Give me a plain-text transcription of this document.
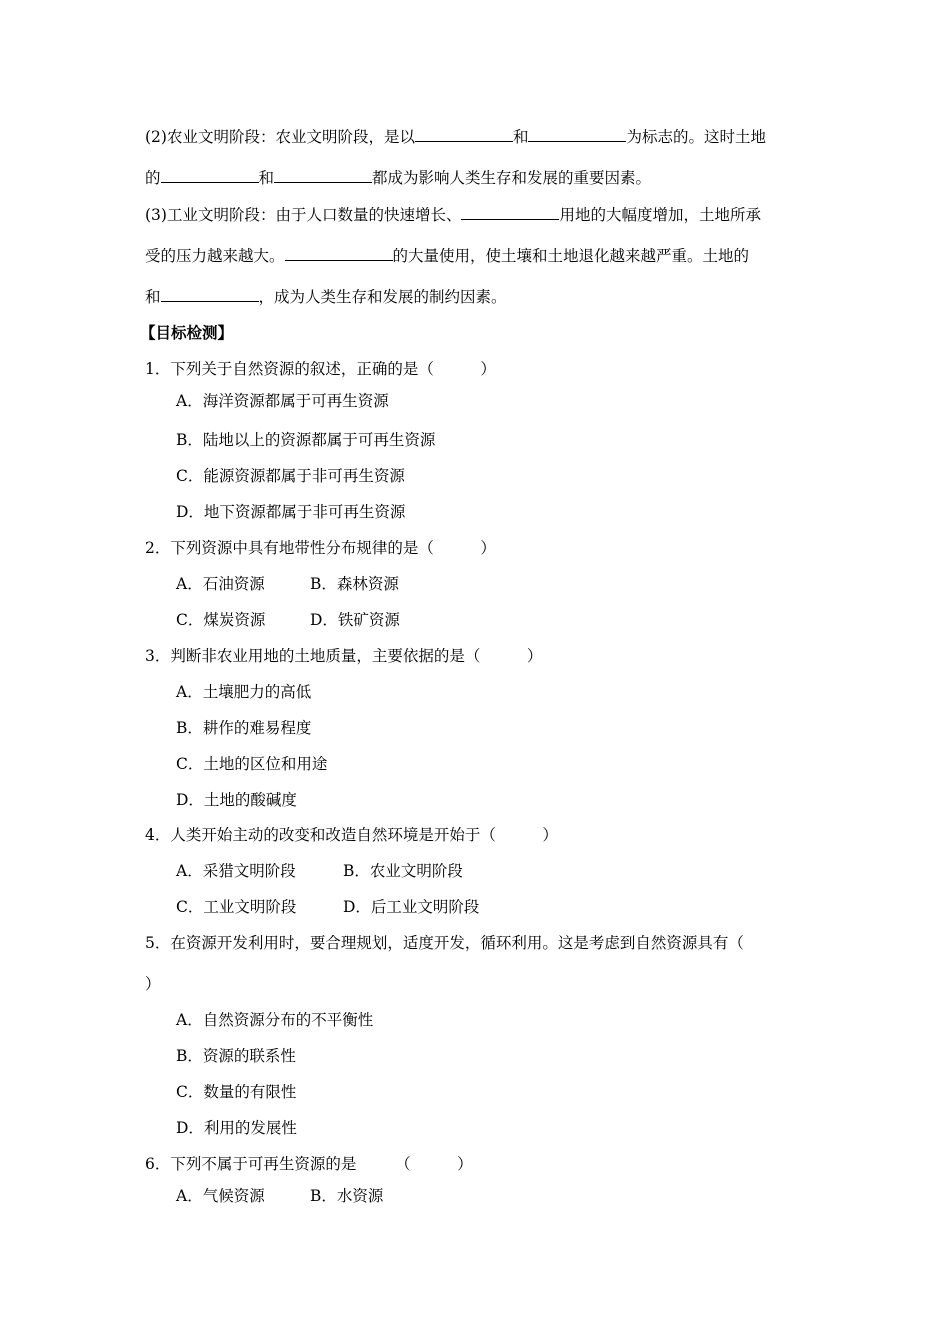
(2)农业文明阶段：农业文明阶段，是以	和	为标志的。这时土地
的	和	都成为影响人类生存和发展的重要因素。
(3)工业文明阶段：由于人口数量的快速增长、	用地的大幅度增加，土地所承
受的压力越来越大。	的大量使用，使土壤和土地退化越来越严重。土地的
和	，成为人类生存和发展的制约因素。
【目标检测】
1．下列关于自然资源的叙述，正确的是（　　　）
A．海洋资源都属于可再生资源
B．陆地以上的资源都属于可再生资源
C．能源资源都属于非可再生资源
D．地下资源都属于非可再生资源
2．下列资源中具有地带性分布规律的是（　　　）
A．石油资源	B．森林资源
C．煤炭资源	D．铁矿资源
3．判断非农业用地的土地质量，主要依据的是（　　　）
A．土壤肥力的高低
B．耕作的难易程度
C．土地的区位和用途
D．土地的酸碱度
4．人类开始主动的改变和改造自然环境是开始于（　　　）
A．采猎文明阶段	B．农业文明阶段
C．工业文明阶段	D．后工业文明阶段
5．在资源开发利用时，要合理规划，适度开发，循环利用。这是考虑到自然资源具有（
）
A．自然资源分布的不平衡性
B．资源的联系性
C．数量的有限性
D．利用的发展性
6．下列不属于可再生资源的是　　　（　　　）
A．气候资源	B．水资源
